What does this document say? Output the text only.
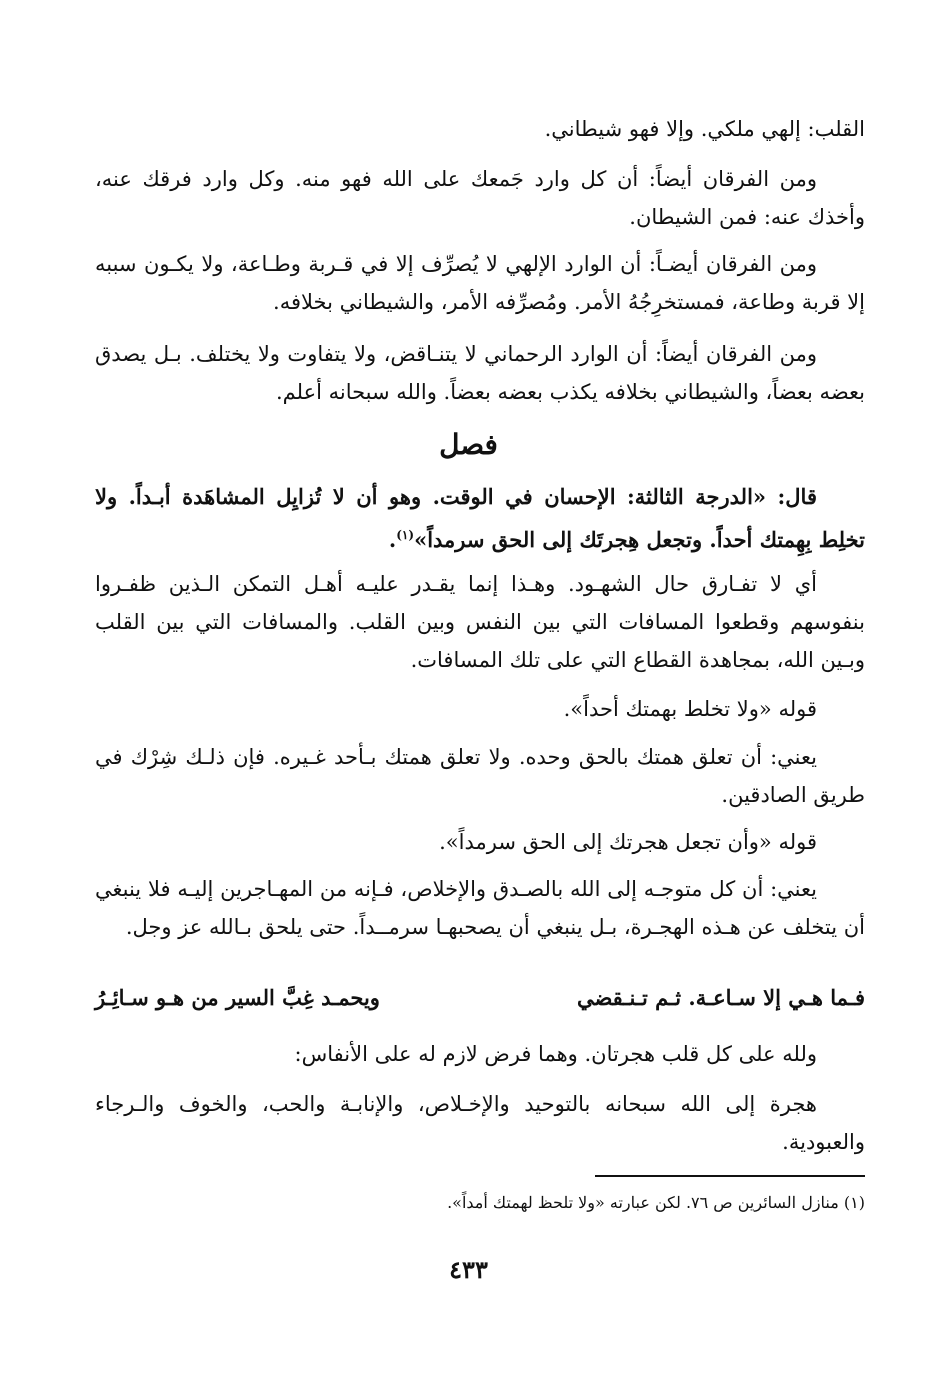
القلب: إلهي ملكي. وإلا فهو شيطاني.

ومن الفرقان أيضاً: أن كل وارد جَمعك على الله فهو منه. وكل وارد فرقك عنه، وأخذك عنه: فمن الشيطان.

ومن الفرقان أيضـاً: أن الوارد الإلهي لا يُصرِّف إلا في قـربة وطـاعة، ولا يكـون سببه إلا قربة وطاعة، فمستخرِجُهُ الأمر. ومُصرِّفه الأمر، والشيطاني بخلافه.

ومن الفرقان أيضاً: أن الوارد الرحماني لا يتنـاقض، ولا يتفاوت ولا يختلف. بـل يصدق بعضه بعضاً، والشيطاني بخلافه يكذب بعضه بعضاً. والله سبحانه أعلم.

فصل

قال: «الدرجة الثالثة: الإحسان في الوقت. وهو أن لا تُزايِل المشاهَدة أبـداً. ولا تخلِط بِهِمتك أحداً. وتجعل هِجرتَك إلى الحق سرمداً»$^{(١)}$.

أي لا تفـارق حال الشهـود. وهـذا إنما يقـدر عليـه أهـل التمكن الـذين ظفـروا بنفوسهم وقطعوا المسافات التي بين النفس وبين القلب. والمسافات التي بين القلب وبـين الله، بمجاهدة القطاع التي على تلك المسافات.

قوله «ولا تخلط بهمتك أحداً».

يعني: أن تعلق همتك بالحق وحده. ولا تعلق همتك بـأحد غـيره. فإن ذلـك شِرْك في طريق الصادقين.

قوله «وأن تجعل هجرتك إلى الحق سرمداً».

يعني: أن كل متوجـه إلى الله بالصـدق والإخلاص، فـإنه من المهـاجرين إليـه فلا ينبغي أن يتخلف عن هـذه الهجـرة، بـل ينبغي أن يصحبهـا سرمــداً. حتى يلحق بـالله عز وجل.

فـما هـي إلا سـاعـة. ثـم تـنـقضي
ويحمـد غِبَّ السير من هـو سـائِـرُ

ولله على كل قلب هجرتان. وهما فرض لازم له على الأنفاس:

هجرة إلى الله سبحانه بالتوحيد والإخـلاص، والإنابـة والحب، والخوف والـرجاء والعبودية.

(١) منازل السائرين ص ٧٦. لكن عبارته «ولا تلحظ لهمتك أمداً».

٤٣٣
